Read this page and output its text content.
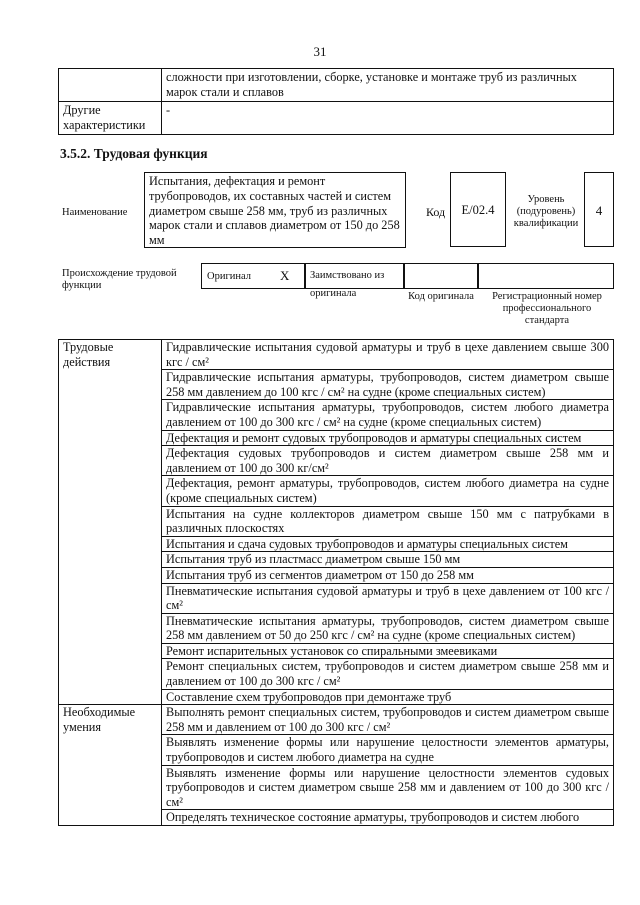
31
	сложности при изготовлении, сборке, установке и монтаже труб из различных марок стали и сплавов
Другие характеристики	-
3.5.2. Трудовая функция
Наименование
Испытания, дефектация и ремонт трубопроводов, их составных частей и систем диаметром свыше 258 мм, труб из различных марок стали и сплавов диаметром от 150 до 258 мм
Код	E/02.4
Уровень (подуровень) квалификации
4
Происхождение трудовой функции
Оригинал X	Заимствовано из оригинала	Код оригинала	Регистрационный номер профессионального стандарта
Трудовые действия	Гидравлические испытания судовой арматуры и труб в цехе давлением свыше 300 кгс / см²
	Гидравлические испытания арматуры, трубопроводов, систем диаметром свыше 258 мм давлением до 100 кгс / см² на судне (кроме специальных систем)
	Гидравлические испытания арматуры, трубопроводов, систем любого диаметра давлением от 100 до 300 кгс / см² на судне (кроме специальных систем)
	Дефектация и ремонт судовых трубопроводов и арматуры специальных систем
	Дефектация судовых трубопроводов и систем диаметром свыше 258 мм и давлением от 100 до 300 кг/см²
	Дефектация, ремонт арматуры, трубопроводов, систем любого диаметра на судне (кроме специальных систем)
	Испытания на судне коллекторов диаметром свыше 150 мм с патрубками в различных плоскостях
	Испытания и сдача судовых трубопроводов и арматуры специальных систем
	Испытания труб из пластмасс диаметром свыше 150 мм
	Испытания труб из сегментов диаметром от 150 до 258 мм
	Пневматические испытания судовой арматуры и труб в цехе давлением от 100 кгс / см²
	Пневматические испытания арматуры, трубопроводов, систем диаметром свыше 258 мм давлением от 50 до 250 кгс / см² на судне (кроме специальных систем)
	Ремонт испарительных установок со спиральными змеевиками
	Ремонт специальных систем, трубопроводов и систем диаметром свыше 258 мм и давлением от 100 до 300 кгс / см²
	Составление схем трубопроводов при демонтаже труб
Необходимые умения	Выполнять ремонт специальных систем, трубопроводов и систем диаметром свыше 258 мм и давлением от 100 до 300 кгс / см²
	Выявлять изменение формы или нарушение целостности элементов арматуры, трубопроводов и систем любого диаметра на судне
	Выявлять изменение формы или нарушение целостности элементов судовых трубопроводов и систем диаметром свыше 258 мм и давлением от 100 до 300 кгс / см²
	Определять техническое состояние арматуры, трубопроводов и систем любого
